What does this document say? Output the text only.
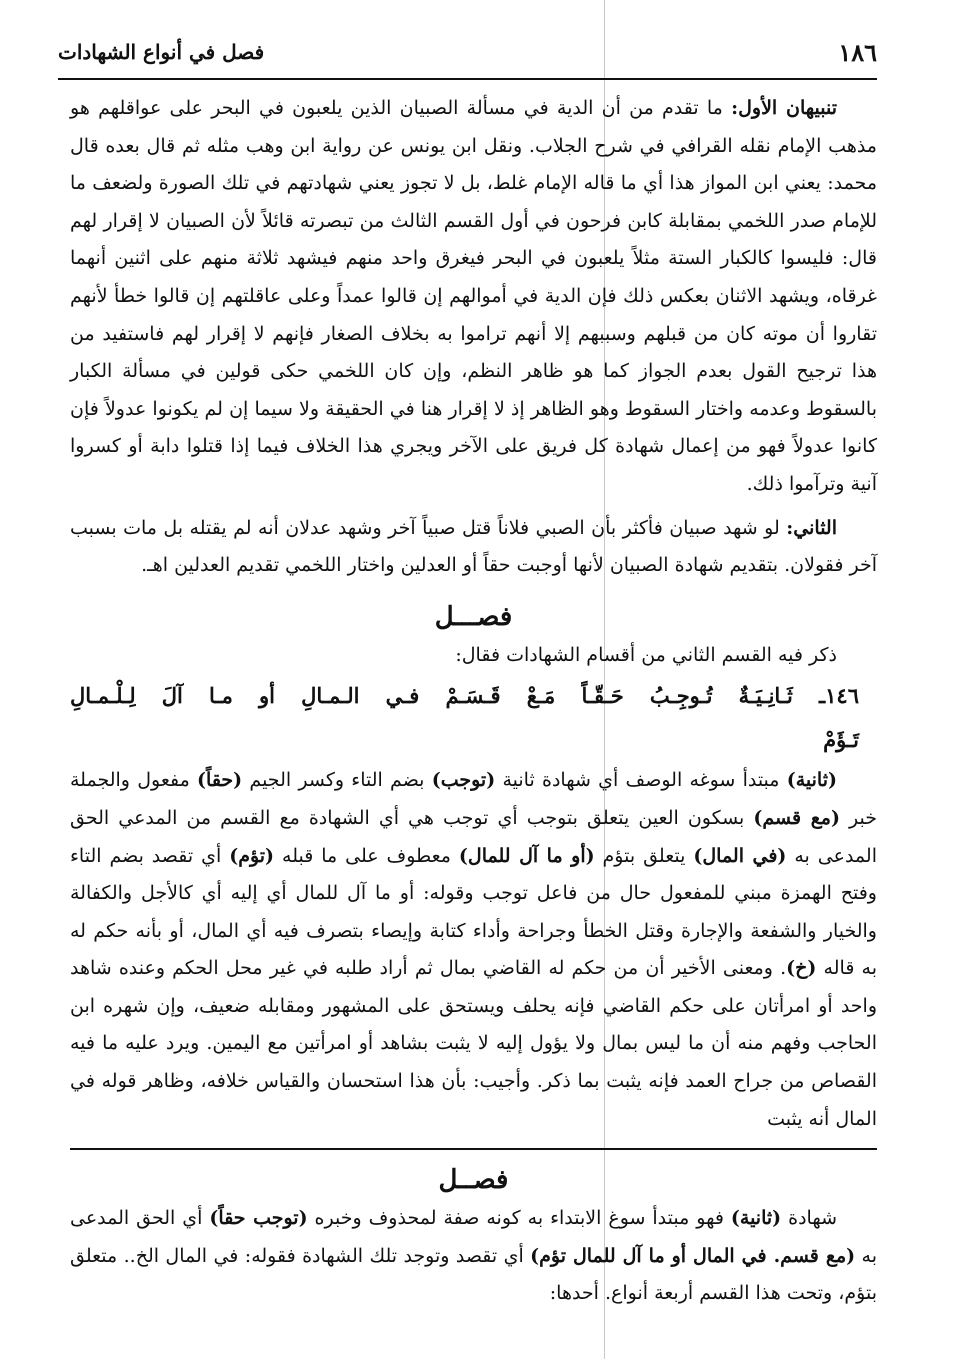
١٨٦
فصل في أنواع الشهادات

تنبيهان الأول: ما تقدم من أن الدية في مسألة الصبيان الذين يلعبون في البحر على عواقلهم هو مذهب الإمام نقله القرافي في شرح الجلاب. ونقل ابن يونس عن رواية ابن وهب مثله ثم قال بعده قال محمد: يعني ابن المواز هذا أي ما قاله الإمام غلط، بل لا تجوز يعني شهادتهم في تلك الصورة ولضعف ما للإمام صدر اللخمي بمقابلة كابن فرحون في أول القسم الثالث من تبصرته قائلاً لأن الصبيان لا إقرار لهم قال: فليسوا كالكبار الستة مثلاً يلعبون في البحر فيغرق واحد منهم فيشهد ثلاثة منهم على اثنين أنهما غرقاه، ويشهد الاثنان بعكس ذلك فإن الدية في أموالهم إن قالوا عمداً وعلى عاقلتهم إن قالوا خطأ لأنهم تقاروا أن موته كان من قبلهم وسببهم إلا أنهم تراموا به بخلاف الصغار فإنهم لا إقرار لهم فاستفيد من هذا ترجيح القول بعدم الجواز كما هو ظاهر النظم، وإن كان اللخمي حكى قولين في مسألة الكبار بالسقوط وعدمه واختار السقوط وهو الظاهر إذ لا إقرار هنا في الحقيقة ولا سيما إن لم يكونوا عدولاً فإن كانوا عدولاً فهو من إعمال شهادة كل فريق على الآخر ويجري هذا الخلاف فيما إذا قتلوا دابة أو كسروا آنية وترآموا ذلك.

الثاني: لو شهد صبيان فأكثر بأن الصبي فلاناً قتل صبياً آخر وشهد عدلان أنه لم يقتله بل مات بسبب آخر فقولان. بتقديم شهادة الصبيان لأنها أوجبت حقاً أو العدلين واختار اللخمي تقديم العدلين اهـ.

فصـــل

ذكر فيه القسم الثاني من أقسام الشهادات فقال:

١٤٦ـ ثَـانِـيَـةٌ تُـوجِـبُ حَـقّـاً مَـعْ قَـسَـمْ فـي الـمـالِ أو مـا آلَ لِـلْـمـالِ تَـؤَمْ

(ثانية) مبتدأ سوغه الوصف أي شهادة ثانية (توجب) بضم التاء وكسر الجيم (حقاً) مفعول والجملة خبر (مع قسم) بسكون العين يتعلق بتوجب أي توجب هي أي الشهادة مع القسم من المدعي الحق المدعى به (في المال) يتعلق بتؤم (أو ما آل للمال) معطوف على ما قبله (تؤم) أي تقصد بضم التاء وفتح الهمزة مبني للمفعول حال من فاعل توجب وقوله: أو ما آل للمال أي إليه أي كالأجل والكفالة والخيار والشفعة والإجارة وقتل الخطأ وجراحة وأداء كتابة وإيصاء بتصرف فيه أي المال، أو بأنه حكم له به قاله (خ). ومعنى الأخير أن من حكم له القاضي بمال ثم أراد طلبه في غير محل الحكم وعنده شاهد واحد أو امرأتان على حكم القاضي فإنه يحلف ويستحق على المشهور ومقابله ضعيف، وإن شهره ابن الحاجب وفهم منه أن ما ليس بمال ولا يؤول إليه لا يثبت بشاهد أو امرأتين مع اليمين. ويرد عليه ما فيه القصاص من جراح العمد فإنه يثبت بما ذكر. وأجيب: بأن هذا استحسان والقياس خلافه، وظاهر قوله في المال أنه يثبت

فصــل

شهادة (ثانية) فهو مبتدأ سوغ الابتداء به كونه صفة لمحذوف وخبره (توجب حقاً) أي الحق المدعى به (مع قسم. في المال أو ما آل للمال تؤم) أي تقصد وتوجد تلك الشهادة فقوله: في المال الخ.. متعلق بتؤم، وتحت هذا القسم أربعة أنواع. أحدها:
